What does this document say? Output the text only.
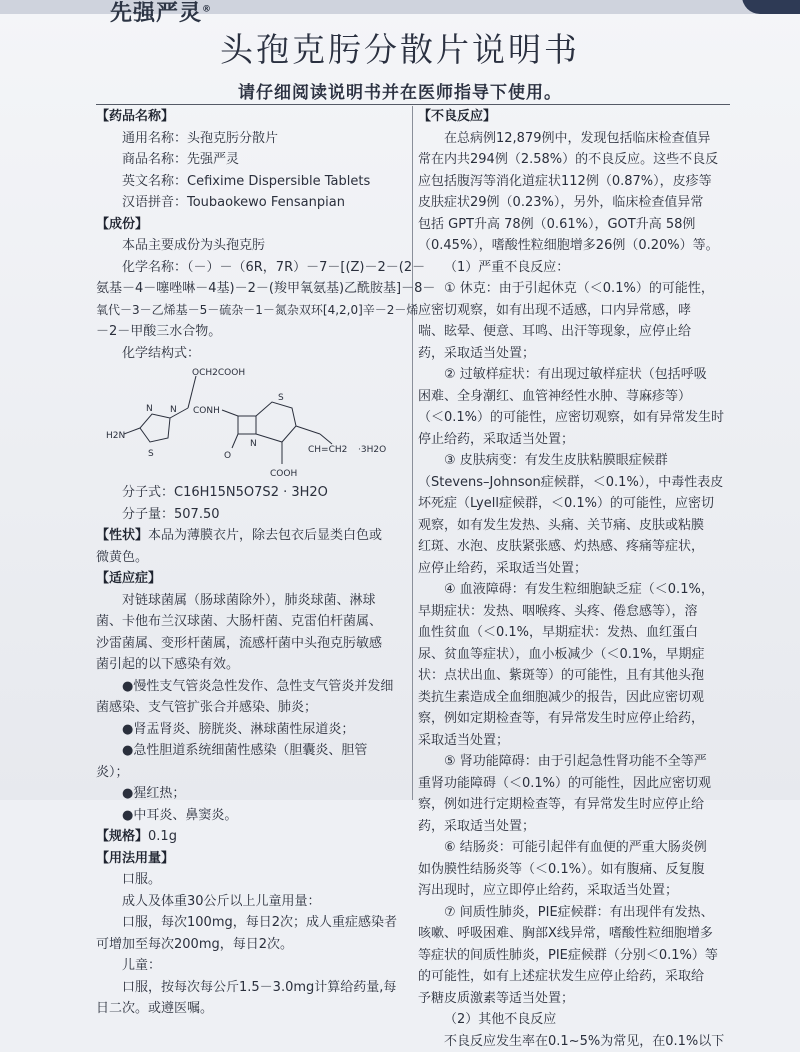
先强严灵®
头孢克肟分散片说明书
请仔细阅读说明书并在医师指导下使用。
【药品名称】
通用名称：头孢克肟分散片
商品名称：先强严灵
英文名称：Cefixime Dispersible Tablets
汉语拼音：Toubaokewo Fensanpian
【成份】
本品主要成份为头孢克肟
化学名称：（－）－（6R，7R）－7－[(Z)－2－(2－
氨基－4－噻唑啉－4基)－2－(羧甲氧氨基)乙酰胺基]－8－
氧代－3－乙烯基－5－硫杂－1－氮杂双环[4,2,0]辛－2－烯
－2－甲酸三水合物。
化学结构式：
OCH2COOH
CONH
N
H2N
S
N
N
O
S
COOH
CH=CH2 ·3H2O
分子式：C16H15N5O7S2 · 3H2O
分子量：507.50
【性状】本品为薄膜衣片，除去包衣后显类白色或
微黄色。
【适应症】
对链球菌属（肠球菌除外），肺炎球菌、淋球
菌、卡他布兰汉球菌、大肠杆菌、克雷伯杆菌属、
沙雷菌属、变形杆菌属，流感杆菌中头孢克肟敏感
菌引起的以下感染有效。
●慢性支气管炎急性发作、急性支气管炎并发细
菌感染、支气管扩张合并感染、肺炎；
●肾盂肾炎、膀胱炎、淋球菌性尿道炎；
●急性胆道系统细菌性感染（胆囊炎、胆管
炎）；
●猩红热；
●中耳炎、鼻窦炎。
【规格】0.1g
【用法用量】
口服。
成人及体重30公斤以上儿童用量：
口服，每次100mg，每日2次；成人重症感染者
可增加至每次200mg，每日2次。
儿童：
口服，按每次每公斤1.5－3.0mg计算给药量,每
日二次。或遵医嘱。
【不良反应】
在总病例12,879例中，发现包括临床检查值异
常在内共294例（2.58%）的不良反应。这些不良反
应包括腹泻等消化道症状112例（0.87%），皮疹等
皮肤症状29例（0.23%），另外，临床检查值异常
包括 GPT升高 78例（0.61%），GOT升高 58例
（0.45%），嗜酸性粒细胞增多26例（0.20%）等。
（1）严重不良反应：
① 休克：由于引起休克（＜0.1%）的可能性，
应密切观察，如有出现不适感，口内异常感，哮
喘、眩晕、便意、耳鸣、出汗等现象，应停止给
药，采取适当处置；
② 过敏样症状：有出现过敏样症状（包括呼吸
困难、全身潮红、血管神经性水肿、荨麻疹等）
（＜0.1%）的可能性，应密切观察，如有异常发生时
停止给药，采取适当处置；
③ 皮肤病变：有发生皮肤粘膜眼症候群
（Stevens–Johnson症候群，＜0.1%），中毒性表皮
坏死症（Lyell症候群，＜0.1%）的可能性，应密切
观察，如有发生发热、头痛、关节痛、皮肤或粘膜
红斑、水泡、皮肤紧张感、灼热感、疼痛等症状，
应停止给药，采取适当处置；
④ 血液障碍：有发生粒细胞缺乏症（＜0.1%，
早期症状：发热、咽喉疼、头疼、倦怠感等），溶
血性贫血（＜0.1%，早期症状：发热、血红蛋白
尿、贫血等症状），血小板减少（＜0.1%，早期症
状：点状出血、紫斑等）的可能性，且有其他头孢
类抗生素造成全血细胞减少的报告，因此应密切观
察，例如定期检查等，有异常发生时应停止给药，
采取适当处置；
⑤ 肾功能障碍：由于引起急性肾功能不全等严
重肾功能障碍（＜0.1%）的可能性，因此应密切观
察，例如进行定期检查等，有异常发生时应停止给
药，采取适当处置；
⑥ 结肠炎：可能引起伴有血便的严重大肠炎例
如伪膜性结肠炎等（＜0.1%）。如有腹痛、反复腹
泻出现时，应立即停止给药，采取适当处置；
⑦ 间质性肺炎，PIE症候群：有出现伴有发热、
咳嗽、呼吸困难、胸部X线异常，嗜酸性粒细胞增多
等症状的间质性肺炎，PIE症候群（分别＜0.1%）等
的可能性，如有上述症状发生应停止给药，采取给
予糖皮质激素等适当处置；
（2）其他不良反应
不良反应发生率在0.1~5%为常见，在0.1%以下
